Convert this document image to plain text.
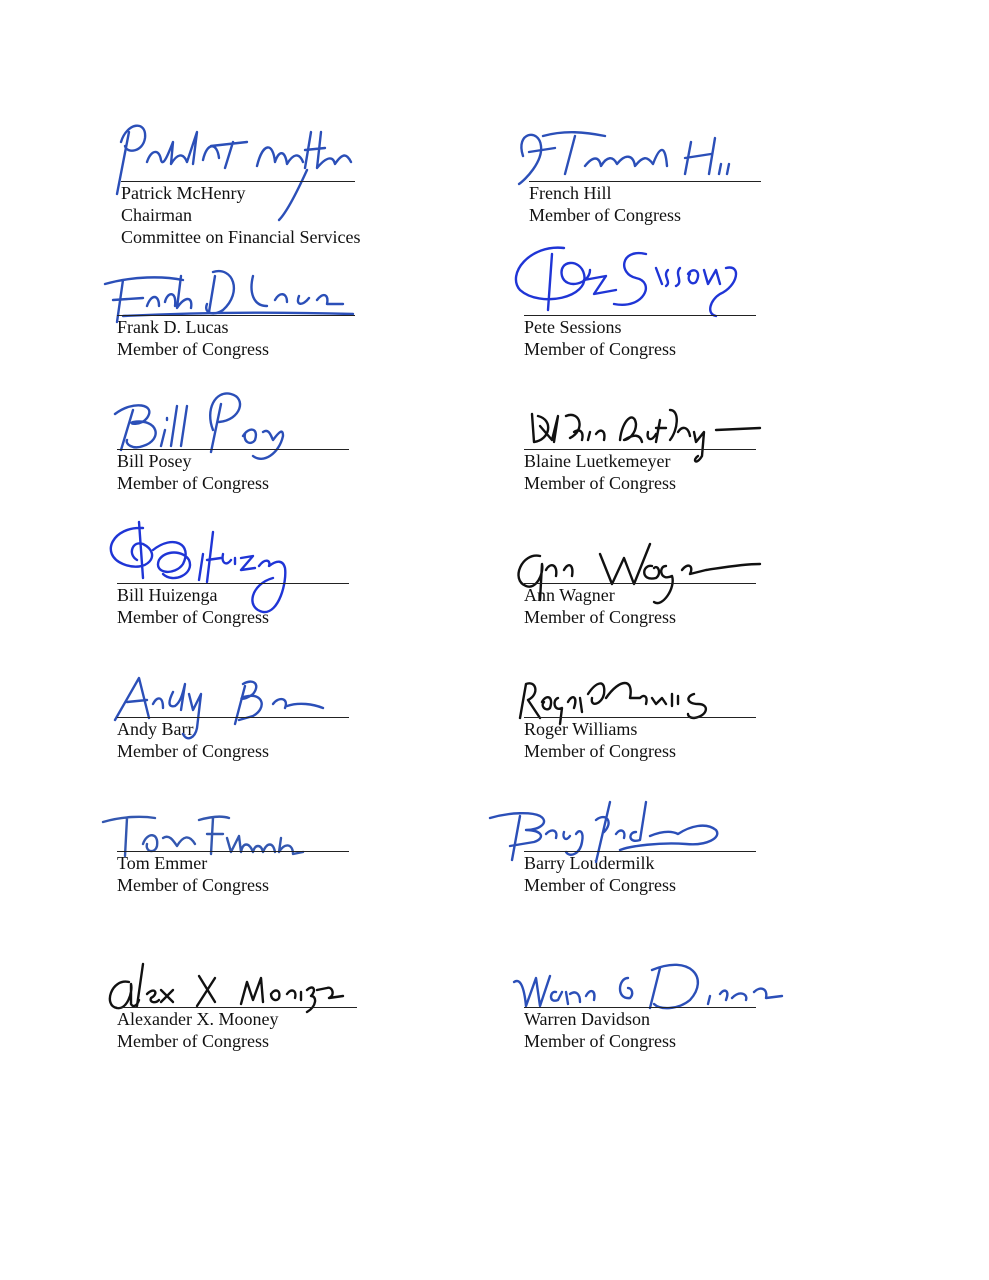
Patrick McHenry
Chairman
Committee on Financial Services
French Hill
Member of Congress
Frank D. Lucas
Member of Congress
Pete Sessions
Member of Congress
Bill Posey
Member of Congress
Blaine Luetkemeyer
Member of Congress
Bill Huizenga
Member of Congress
Ann Wagner
Member of Congress
Andy Barr
Member of Congress
Roger Williams
Member of Congress
Tom Emmer
Member of Congress
Barry Loudermilk
Member of Congress
Alexander X. Mooney
Member of Congress
Warren Davidson
Member of Congress
